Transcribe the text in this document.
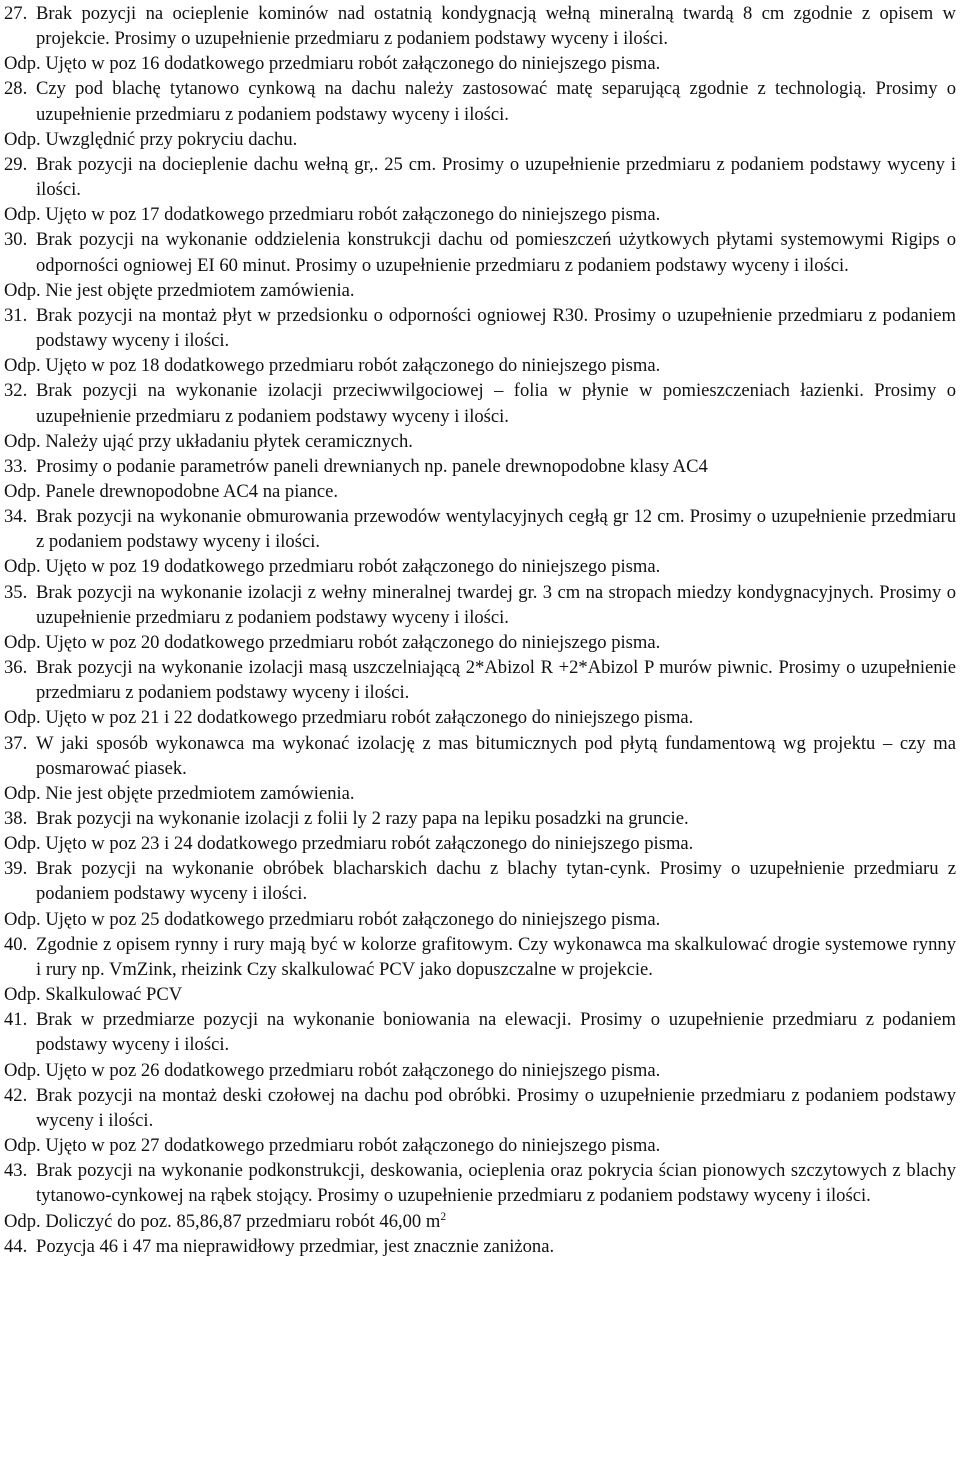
27. Brak pozycji na ocieplenie kominów nad ostatnią kondygnacją wełną mineralną twardą 8 cm zgodnie z opisem w projekcie. Prosimy o uzupełnienie przedmiaru z podaniem podstawy wyceny i ilości.
Odp. Ujęto w poz 16 dodatkowego przedmiaru robót załączonego do niniejszego pisma.
28. Czy pod blachę tytanowo cynkową na dachu należy zastosować matę separującą zgodnie z technologią. Prosimy o uzupełnienie przedmiaru z podaniem podstawy wyceny i ilości.
Odp. Uwzględnić przy pokryciu dachu.
29. Brak pozycji na docieplenie dachu wełną gr,. 25 cm. Prosimy o uzupełnienie przedmiaru z podaniem podstawy wyceny i ilości.
Odp. Ujęto w poz 17 dodatkowego przedmiaru robót załączonego do niniejszego pisma.
30. Brak pozycji na wykonanie oddzielenia konstrukcji dachu od pomieszczeń użytkowych płytami systemowymi Rigips o odporności ogniowej EI 60 minut. Prosimy o uzupełnienie przedmiaru z podaniem podstawy wyceny i ilości.
Odp. Nie jest objęte przedmiotem zamówienia.
31. Brak pozycji na montaż płyt w przedsionku o odporności ogniowej R30. Prosimy o uzupełnienie przedmiaru z podaniem podstawy wyceny i ilości.
Odp. Ujęto w poz 18 dodatkowego przedmiaru robót załączonego do niniejszego pisma.
32. Brak pozycji na wykonanie izolacji przeciwwilgociowej – folia w płynie w pomieszczeniach łazienki. Prosimy o uzupełnienie przedmiaru z podaniem podstawy wyceny i ilości.
Odp. Należy ująć przy układaniu płytek ceramicznych.
33. Prosimy o podanie parametrów paneli drewnianych np. panele drewnopodobne klasy AC4
Odp. Panele drewnopodobne AC4 na piance.
34. Brak pozycji na wykonanie obmurowania przewodów wentylacyjnych cegłą gr 12 cm. Prosimy o uzupełnienie przedmiaru z podaniem podstawy wyceny i ilości.
Odp. Ujęto w poz 19 dodatkowego przedmiaru robót załączonego do niniejszego pisma.
35. Brak pozycji na wykonanie izolacji z wełny mineralnej twardej gr. 3 cm na stropach miedzy kondygnacyjnych. Prosimy o uzupełnienie przedmiaru z podaniem podstawy wyceny i ilości.
Odp. Ujęto w poz 20 dodatkowego przedmiaru robót załączonego do niniejszego pisma.
36. Brak pozycji na wykonanie izolacji masą uszczelniającą 2*Abizol R +2*Abizol P murów piwnic. Prosimy o uzupełnienie przedmiaru z podaniem podstawy wyceny i ilości.
Odp. Ujęto w poz 21 i 22 dodatkowego przedmiaru robót załączonego do niniejszego pisma.
37. W jaki sposób wykonawca ma wykonać izolację z mas bitumicznych pod płytą fundamentową wg projektu – czy ma posmarować piasek.
Odp. Nie jest objęte przedmiotem zamówienia.
38. Brak pozycji na wykonanie izolacji z folii ly 2 razy papa na lepiku posadzki na gruncie.
Odp. Ujęto w poz 23 i 24 dodatkowego przedmiaru robót załączonego do niniejszego pisma.
39. Brak pozycji na wykonanie obróbek blacharskich dachu z blachy tytan-cynk. Prosimy o uzupełnienie przedmiaru z podaniem podstawy wyceny i ilości.
Odp. Ujęto w poz 25 dodatkowego przedmiaru robót załączonego do niniejszego pisma.
40. Zgodnie z opisem rynny i rury mają być w kolorze grafitowym. Czy wykonawca ma skalkulować drogie systemowe rynny i rury np. VmZink, rheizink Czy skalkulować PCV jako dopuszczalne w projekcie.
Odp. Skalkulować PCV
41. Brak w przedmiarze pozycji na wykonanie boniowania na elewacji. Prosimy o uzupełnienie przedmiaru z podaniem podstawy wyceny i ilości.
Odp. Ujęto w poz 26 dodatkowego przedmiaru robót załączonego do niniejszego pisma.
42. Brak pozycji na montaż deski czołowej na dachu pod obróbki. Prosimy o uzupełnienie przedmiaru z podaniem podstawy wyceny i ilości.
Odp. Ujęto w poz 27 dodatkowego przedmiaru robót załączonego do niniejszego pisma.
43. Brak pozycji na wykonanie podkonstrukcji, deskowania, ocieplenia oraz pokrycia ścian pionowych szczytowych z blachy tytanowo-cynkowej na rąbek stojący. Prosimy o uzupełnienie przedmiaru z podaniem podstawy wyceny i ilości.
Odp. Doliczyć do poz. 85,86,87 przedmiaru robót 46,00 $m^2$
44. Pozycja 46 i 47 ma nieprawidłowy przedmiar, jest znacznie zaniżona.
